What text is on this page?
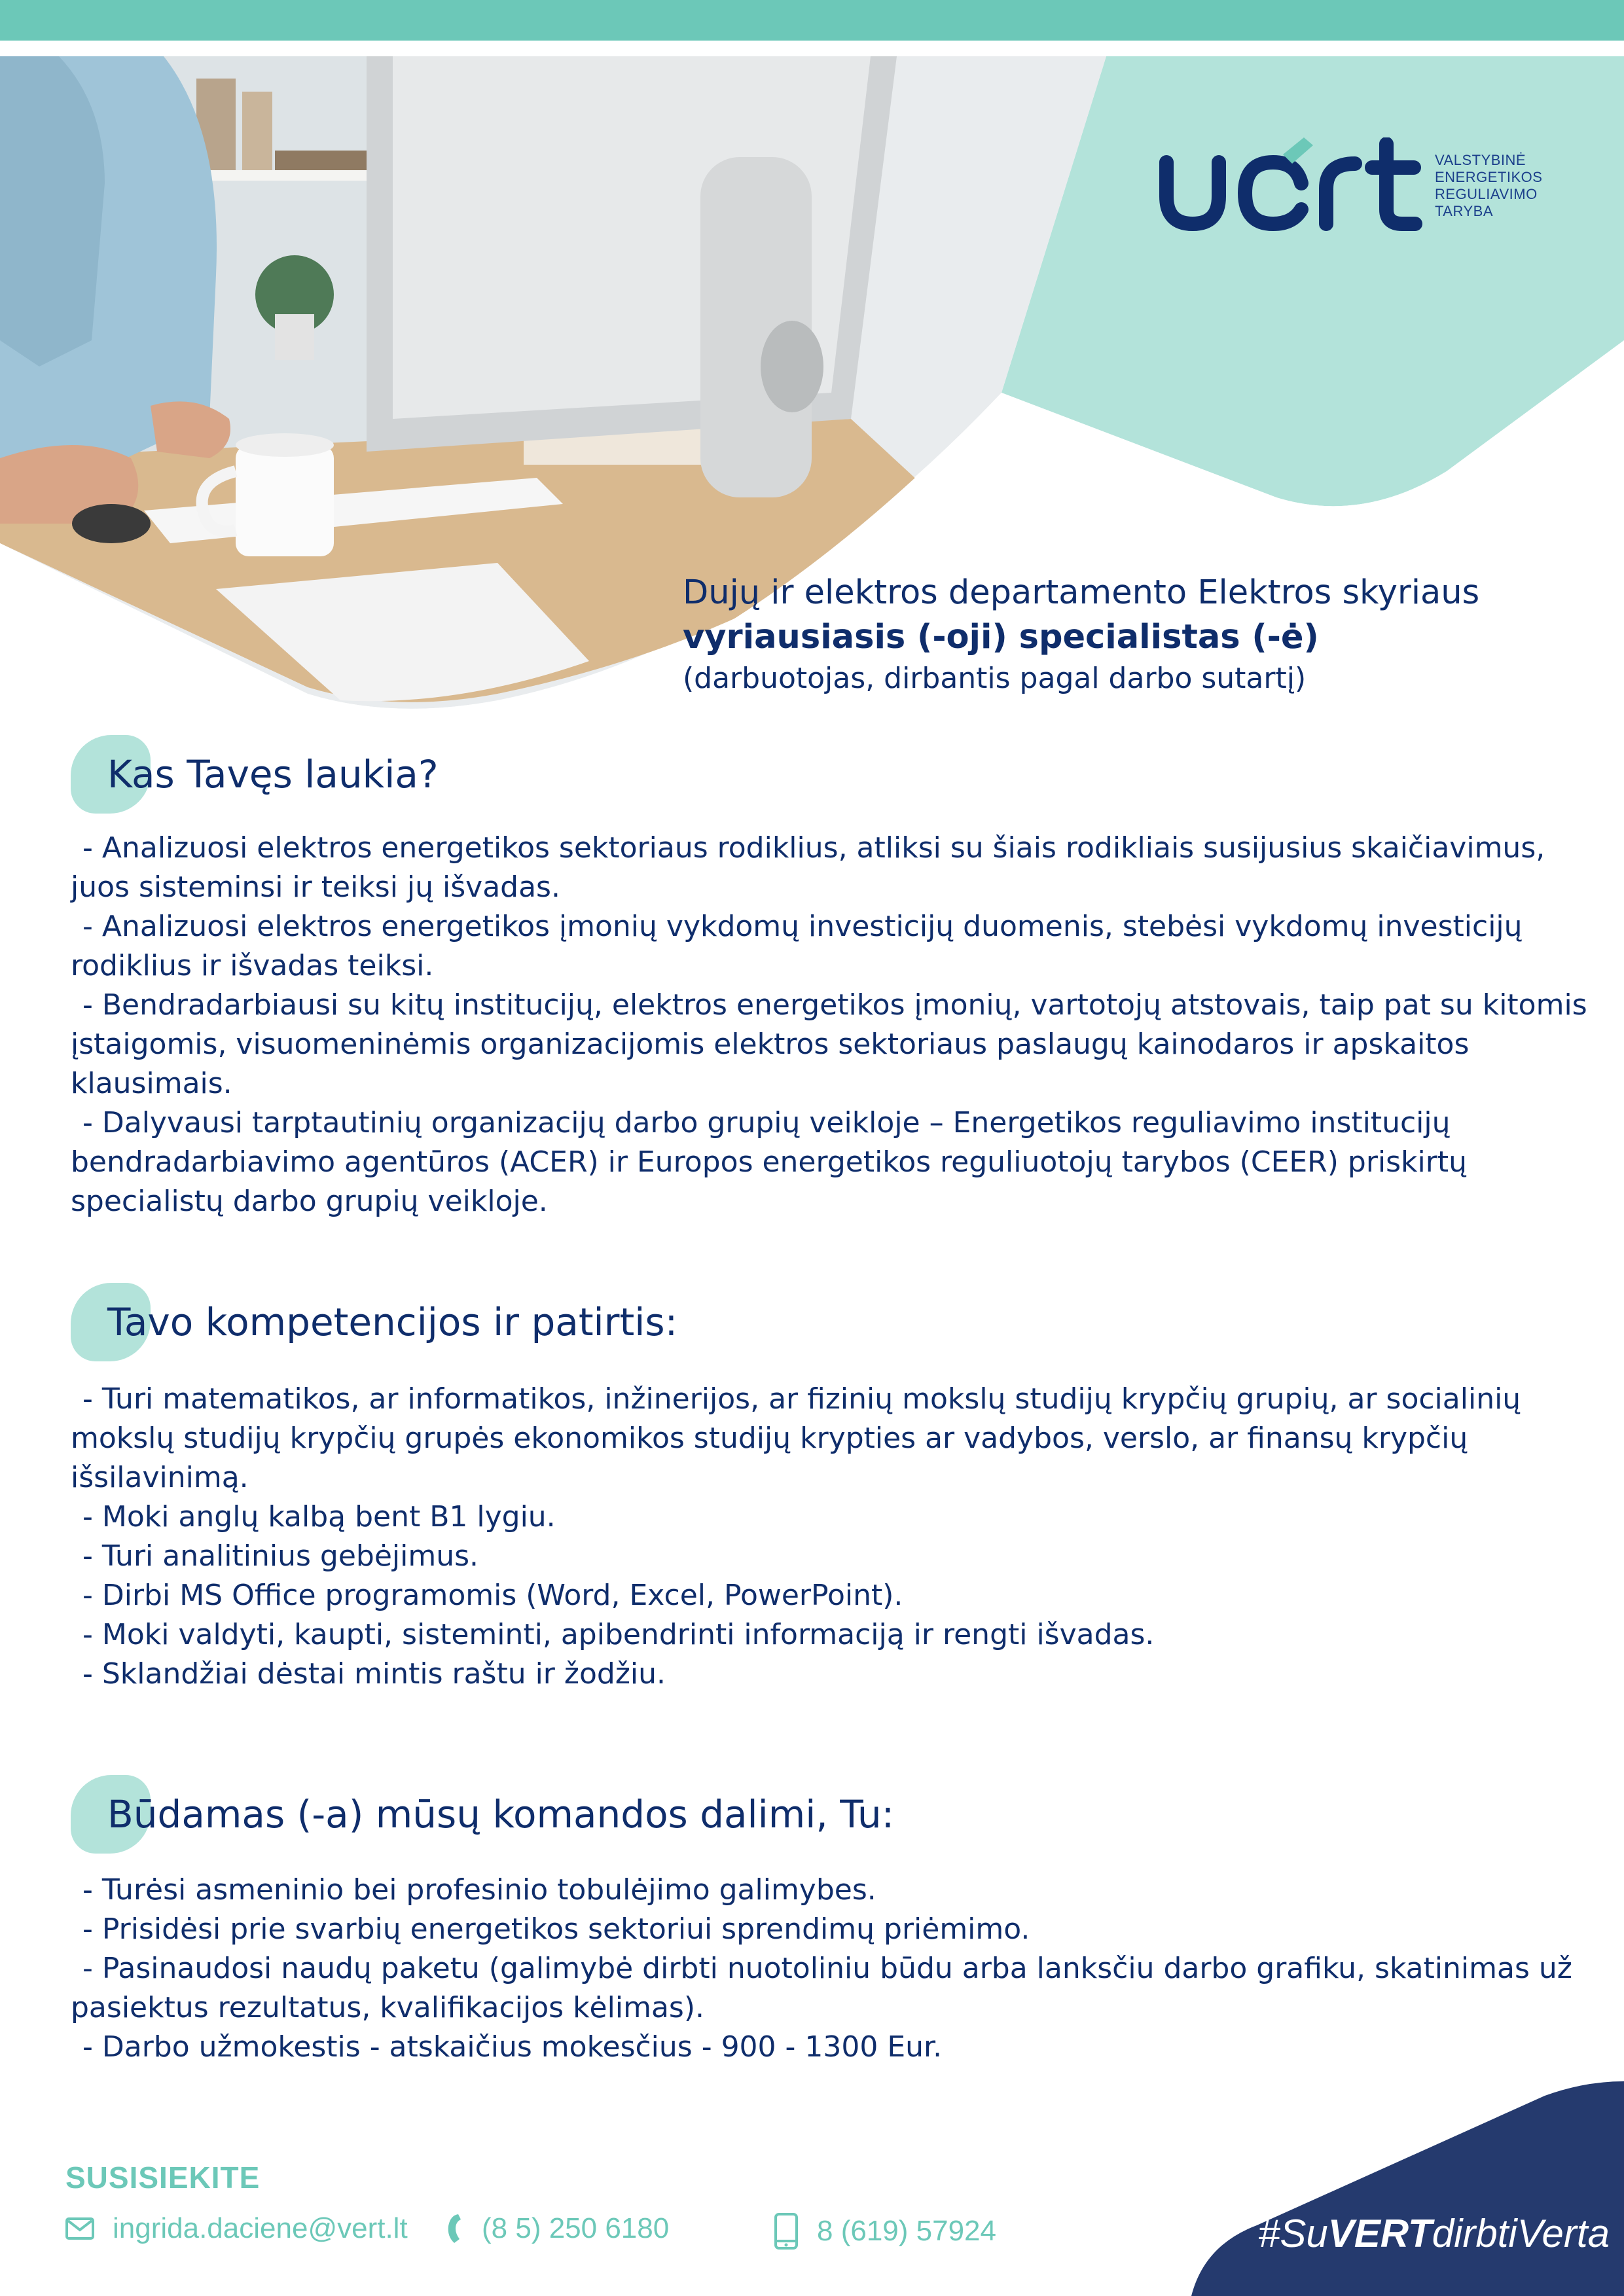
VALSTYBINĖ
ENERGETIKOS
REGULIAVIMO
TARYBA
Dujų ir elektros departamento Elektros skyriaus
vyriausiasis (-oji) specialistas (-ė)
(darbuotojas, dirbantis pagal darbo sutartį)
Kas Tavęs laukia?
- Analizuosi elektros energetikos sektoriaus rodiklius, atliksi su šiais rodikliais susijusius skaičiavimus, juos sisteminsi ir teiksi jų išvadas.
- Analizuosi elektros energetikos įmonių vykdomų investicijų duomenis, stebėsi vykdomų investicijų rodiklius ir išvadas teiksi.
- Bendradarbiausi su kitų institucijų, elektros energetikos įmonių, vartotojų atstovais, taip pat su kitomis įstaigomis, visuomeninėmis organizacijomis elektros sektoriaus paslaugų kainodaros ir apskaitos klausimais.
- Dalyvausi tarptautinių organizacijų darbo grupių veikloje – Energetikos reguliavimo institucijų bendradarbiavimo agentūros (ACER) ir Europos energetikos reguliuotojų tarybos (CEER) priskirtų specialistų darbo grupių veikloje.
Tavo kompetencijos ir patirtis:
- Turi matematikos, ar informatikos, inžinerijos, ar fizinių mokslų studijų krypčių grupių, ar socialinių mokslų studijų krypčių grupės ekonomikos studijų krypties ar vadybos, verslo, ar finansų krypčių išsilavinimą.
- Moki anglų kalbą bent B1 lygiu.
- Turi analitinius gebėjimus.
- Dirbi MS Office programomis (Word, Excel, PowerPoint).
- Moki valdyti, kaupti, sisteminti, apibendrinti informaciją ir rengti išvadas.
- Sklandžiai dėstai mintis raštu ir žodžiu.
Būdamas (-a) mūsų komandos dalimi, Tu:
- Turėsi asmeninio bei profesinio tobulėjimo galimybes.
- Prisidėsi prie svarbių energetikos sektoriui sprendimų priėmimo.
- Pasinaudosi naudų paketu (galimybė dirbti nuotoliniu būdu arba lanksčiu darbo grafiku, skatinimas už pasiektus rezultatus, kvalifikacijos kėlimas).
- Darbo užmokestis - atskaičius mokesčius - 900 - 1300 Eur.
SUSISIEKITE
ingrida.daciene@vert.lt	(8 5) 250 6180	8 (619) 57924	#SuVERTdirbtiVerta
